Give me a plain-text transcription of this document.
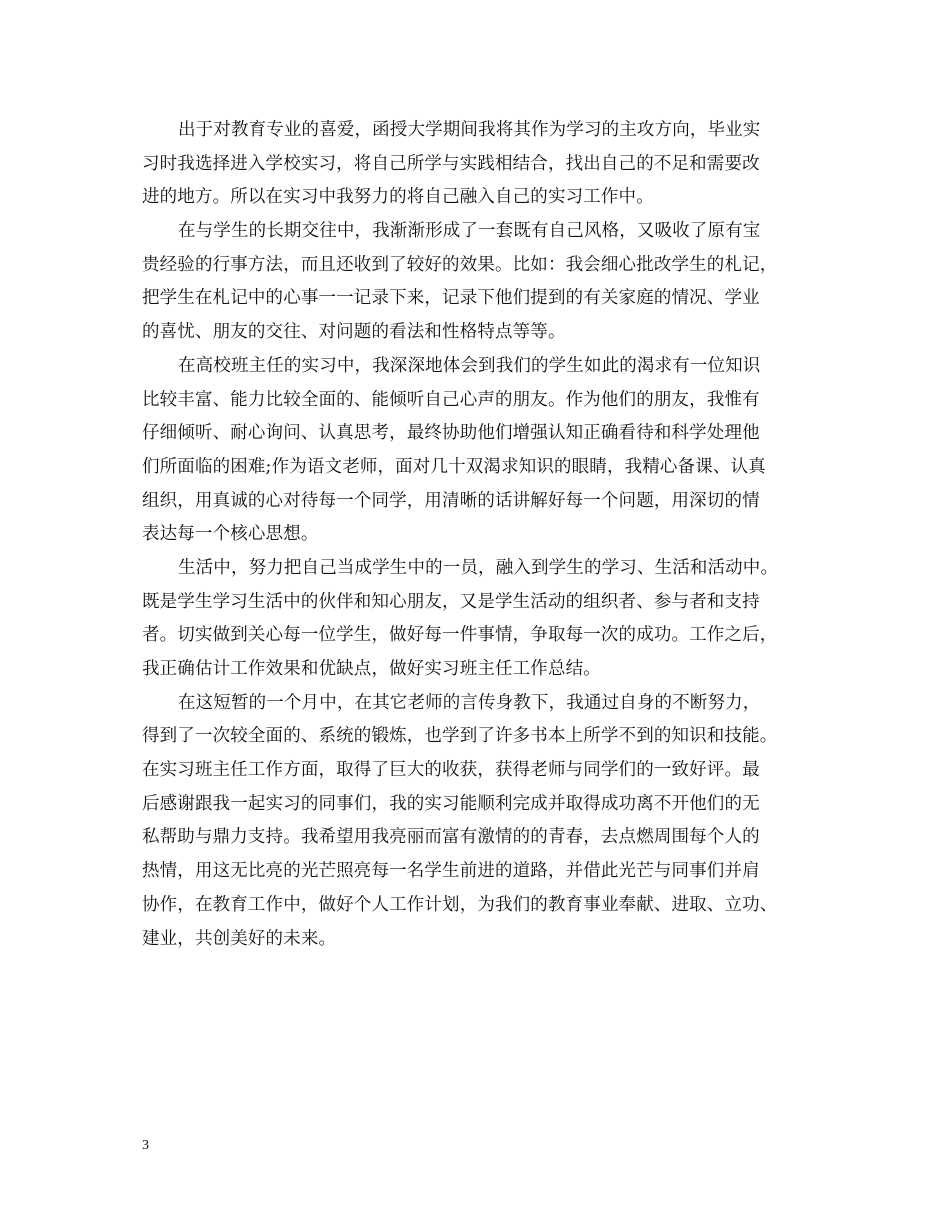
出于对教育专业的喜爱，函授大学期间我将其作为学习的主攻方向，毕业实
习时我选择进入学校实习，将自己所学与实践相结合，找出自己的不足和需要改
进的地方。所以在实习中我努力的将自己融入自己的实习工作中。
在与学生的长期交往中，我渐渐形成了一套既有自己风格，又吸收了原有宝
贵经验的行事方法，而且还收到了较好的效果。比如：我会细心批改学生的札记，
把学生在札记中的心事一一记录下来，记录下他们提到的有关家庭的情况、学业
的喜忧、朋友的交往、对问题的看法和性格特点等等。
在高校班主任的实习中，我深深地体会到我们的学生如此的渴求有一位知识
比较丰富、能力比较全面的、能倾听自己心声的朋友。作为他们的朋友，我惟有
仔细倾听、耐心询问、认真思考，最终协助他们增强认知正确看待和科学处理他
们所面临的困难;作为语文老师，面对几十双渴求知识的眼睛，我精心备课、认真
组织，用真诚的心对待每一个同学，用清晰的话讲解好每一个问题，用深切的情
表达每一个核心思想。
生活中，努力把自己当成学生中的一员，融入到学生的学习、生活和活动中。
既是学生学习生活中的伙伴和知心朋友，又是学生活动的组织者、参与者和支持
者。切实做到关心每一位学生，做好每一件事情，争取每一次的成功。工作之后，
我正确估计工作效果和优缺点，做好实习班主任工作总结。
在这短暂的一个月中，在其它老师的言传身教下，我通过自身的不断努力，
得到了一次较全面的、系统的锻炼，也学到了许多书本上所学不到的知识和技能。
在实习班主任工作方面，取得了巨大的收获，获得老师与同学们的一致好评。最
后感谢跟我一起实习的同事们，我的实习能顺利完成并取得成功离不开他们的无
私帮助与鼎力支持。我希望用我亮丽而富有激情的的青春，去点燃周围每个人的
热情，用这无比亮的光芒照亮每一名学生前进的道路，并借此光芒与同事们并肩
协作，在教育工作中，做好个人工作计划，为我们的教育事业奉献、进取、立功、
建业，共创美好的未来。
3
